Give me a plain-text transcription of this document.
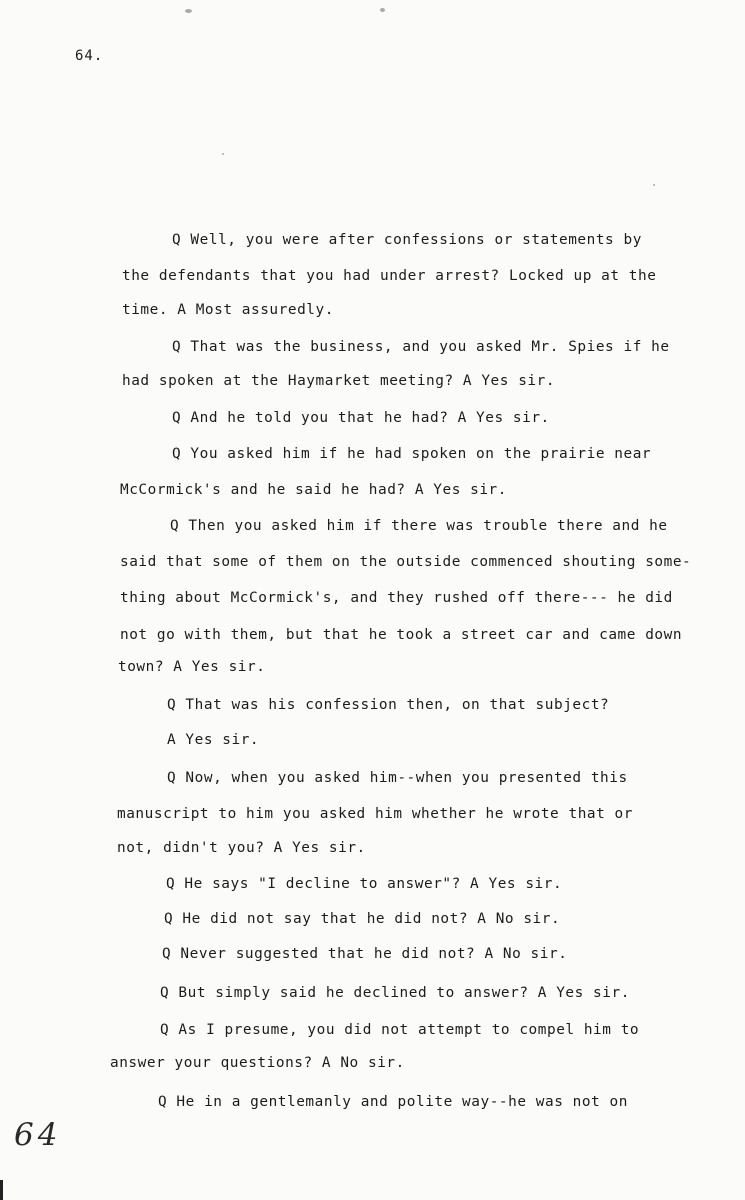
64.
Q Well, you were after confessions or statements by
the defendants that you had under arrest? Locked up at the
time. A Most assuredly.
Q That was the business, and you asked Mr. Spies if he
had spoken at the Haymarket meeting? A Yes sir.
Q And he told you that he had? A Yes sir.
Q You asked him if he had spoken on the prairie near
McCormick's and he said he had? A Yes sir.
Q Then you asked him if there was trouble there and he
said that some of them on the outside commenced shouting some-
thing about McCormick's, and they rushed off there--- he did
not go with them, but that he took a street car and came down
town? A Yes sir.
Q That was his confession then, on that subject?
A Yes sir.
Q Now, when you asked him--when you presented this
manuscript to him you asked him whether he wrote that or
not, didn't you? A Yes sir.
Q He says "I decline to answer"? A Yes sir.
Q He did not say that he did not? A No sir.
Q Never suggested that he did not? A No sir.
Q But simply said he declined to answer? A Yes sir.
Q As I presume, you did not attempt to compel him to
answer your questions? A No sir.
Q He in a gentlemanly and polite way--he was not on
64
